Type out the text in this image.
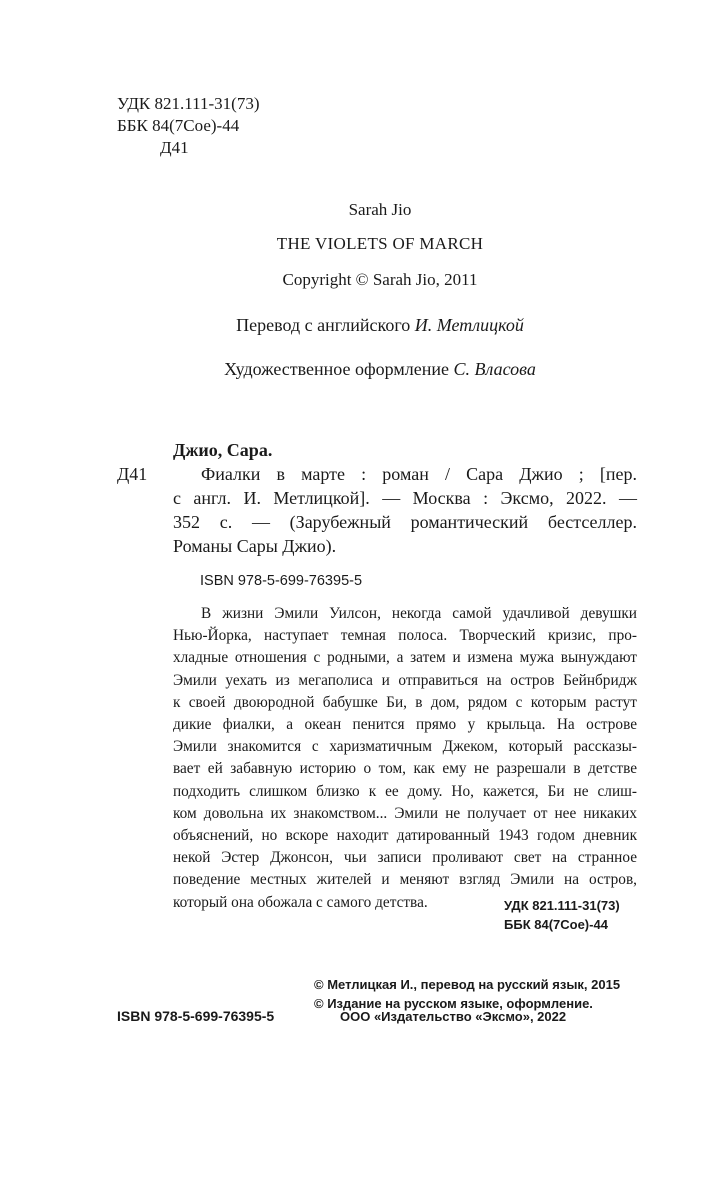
УДК 821.111-31(73)
ББК 84(7Сое)-44
Д41
Sarah Jio
THE VIOLETS OF MARCH
Copyright © Sarah Jio, 2011
Перевод с английского И. Метлицкой
Художественное оформление С. Власова
Джио, Сара.
Д41	Фиалки в марте : роман / Сара Джио ; [пер.
с англ. И. Метлицкой]. — Москва : Эксмо, 2022. —
352 с. — (Зарубежный романтический бестселлер.
Романы Сары Джио).
ISBN 978-5-699-76395-5
В жизни Эмили Уилсон, некогда самой удачливой девушки
Нью-Йорка, наступает темная полоса. Творческий кризис, про-
хладные отношения с родными, а затем и измена мужа вынуждают
Эмили уехать из мегаполиса и отправиться на остров Бейнбридж
к своей двоюродной бабушке Би, в дом, рядом с которым растут
дикие фиалки, а океан пенится прямо у крыльца. На острове
Эмили знакомится с харизматичным Джеком, который рассказы-
вает ей забавную историю о том, как ему не разрешали в детстве
подходить слишком близко к ее дому. Но, кажется, Би не слиш-
ком довольна их знакомством... Эмили не получает от нее никаких
объяснений, но вскоре находит датированный 1943 годом дневник
некой Эстер Джонсон, чьи записи проливают свет на странное
поведение местных жителей и меняют взгляд Эмили на остров,
который она обожала с самого детства.	УДК 821.111-31(73)
ББК 84(7Сое)-44
© Метлицкая И., перевод на русский язык, 2015
© Издание на русском языке, оформление.
ISBN 978-5-699-76395-5	ООО «Издательство «Эксмо», 2022
